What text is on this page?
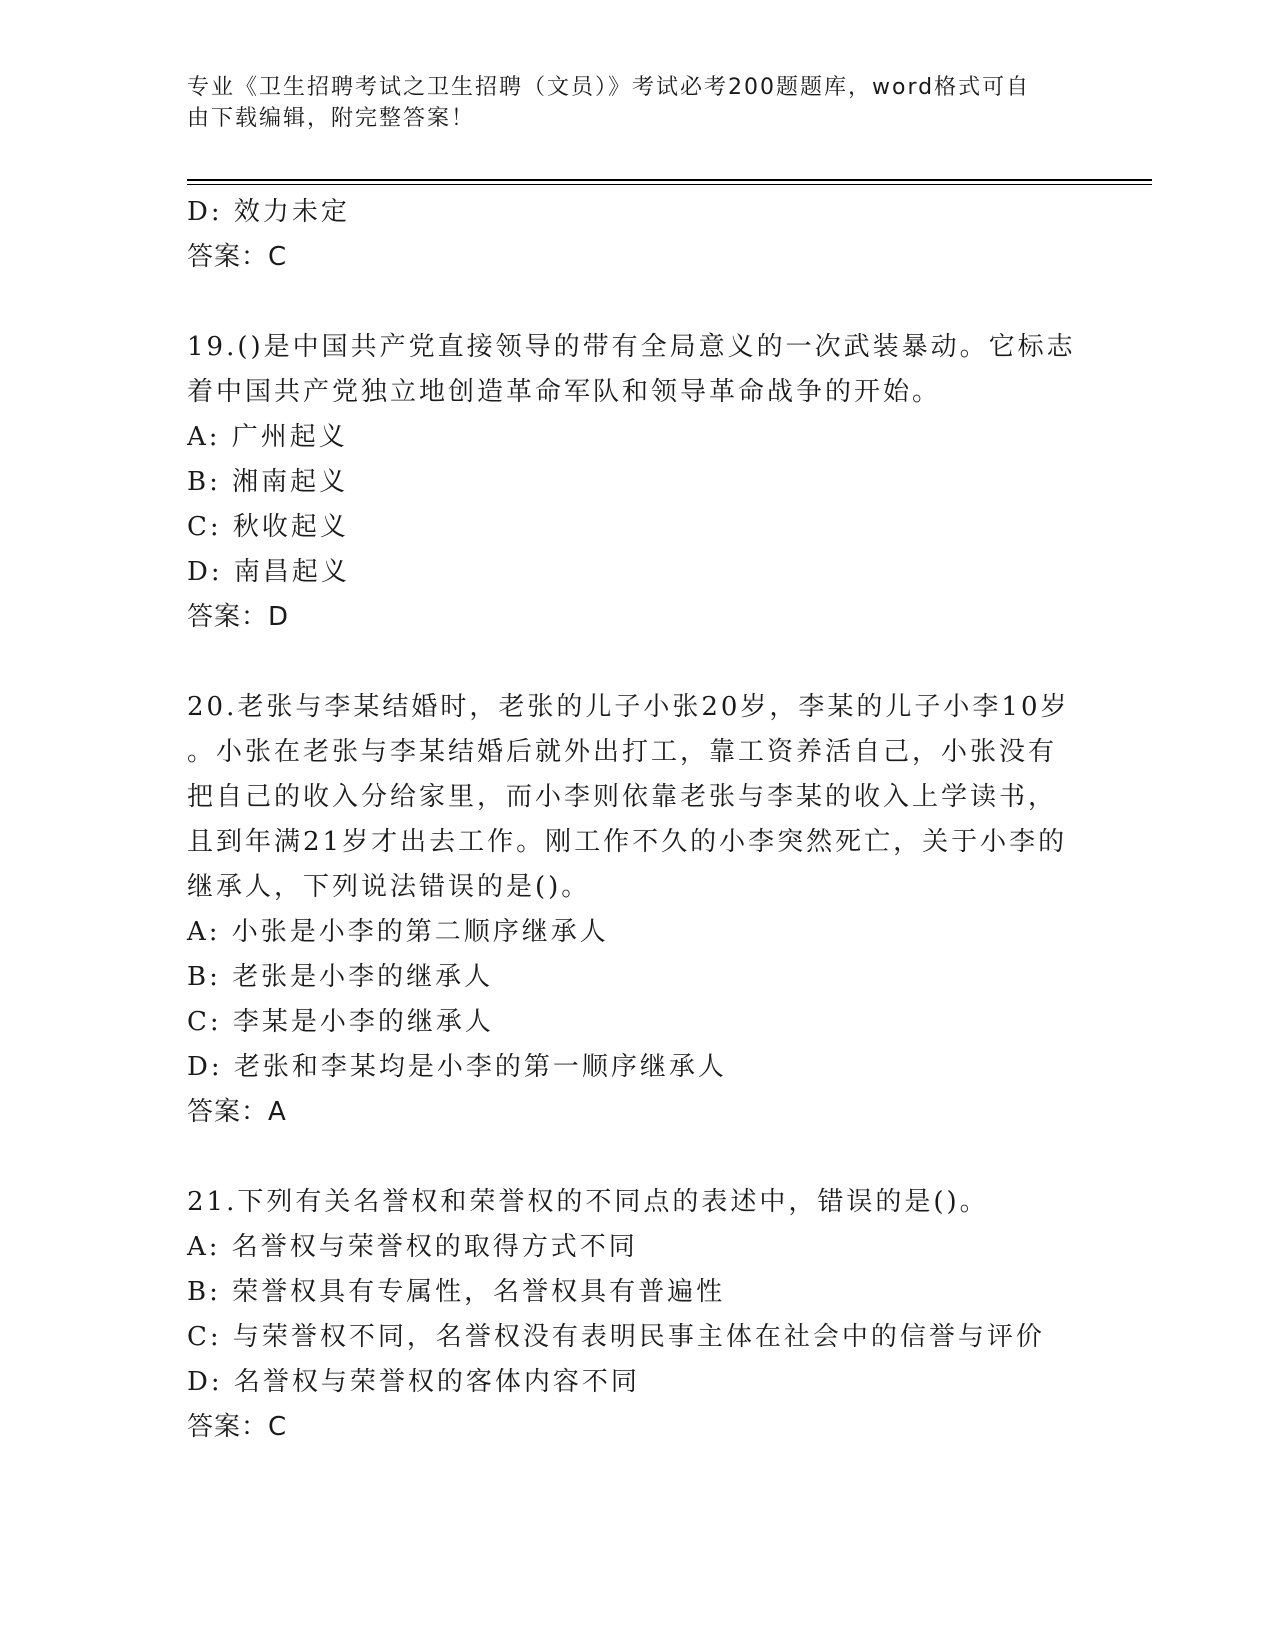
专业《卫生招聘考试之卫生招聘（文员）》考试必考200题题库，word格式可自
由下载编辑，附完整答案！
D: 效力未定
答案：C
19.()是中国共产党直接领导的带有全局意义的一次武装暴动。它标志
着中国共产党独立地创造革命军队和领导革命战争的开始。
A: 广州起义
B: 湘南起义
C: 秋收起义
D: 南昌起义
答案：D
20.老张与李某结婚时，老张的儿子小张20岁，李某的儿子小李10岁
。小张在老张与李某结婚后就外出打工，靠工资养活自己，小张没有
把自己的收入分给家里，而小李则依靠老张与李某的收入上学读书，
且到年满21岁才出去工作。刚工作不久的小李突然死亡，关于小李的
继承人，下列说法错误的是()。
A: 小张是小李的第二顺序继承人
B: 老张是小李的继承人
C: 李某是小李的继承人
D: 老张和李某均是小李的第一顺序继承人
答案：A
21.下列有关名誉权和荣誉权的不同点的表述中，错误的是()。
A: 名誉权与荣誉权的取得方式不同
B: 荣誉权具有专属性，名誉权具有普遍性
C: 与荣誉权不同，名誉权没有表明民事主体在社会中的信誉与评价
D: 名誉权与荣誉权的客体内容不同
答案：C
